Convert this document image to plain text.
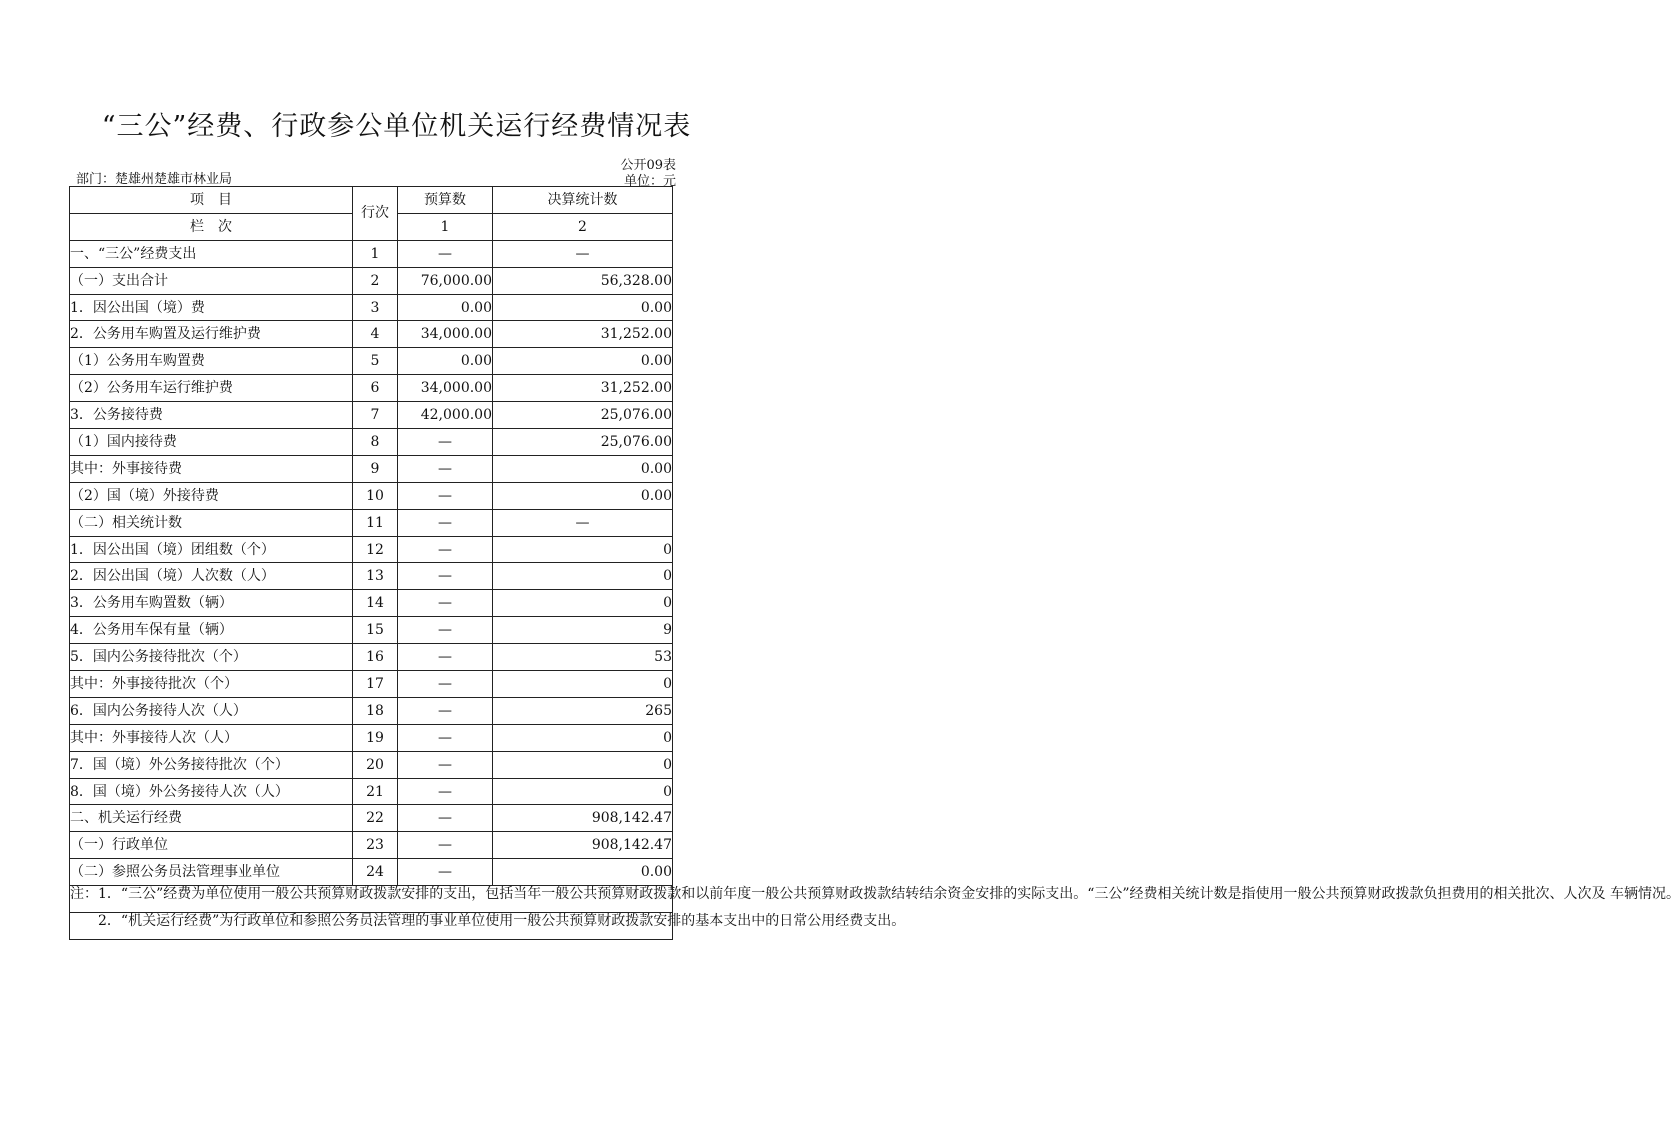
“三公”经费、行政参公单位机关运行经费情况表
公开09表
部门：楚雄州楚雄市林业局	单位：元
项　目	行次	预算数	决算统计数
栏　次		1	2
一、“三公”经费支出	1	—	—
（一）支出合计	2	76,000.00	56,328.00
1．因公出国（境）费	3	0.00	0.00
2．公务用车购置及运行维护费	4	34,000.00	31,252.00
（1）公务用车购置费	5	0.00	0.00
（2）公务用车运行维护费	6	34,000.00	31,252.00
3．公务接待费	7	42,000.00	25,076.00
（1）国内接待费	8	—	25,076.00
其中：外事接待费	9	—	0.00
（2）国（境）外接待费	10	—	0.00
（二）相关统计数	11	—	—
1．因公出国（境）团组数（个）	12	—	0
2．因公出国（境）人次数（人）	13	—	0
3．公务用车购置数（辆）	14	—	0
4．公务用车保有量（辆）	15	—	9
5．国内公务接待批次（个）	16	—	53
其中：外事接待批次（个）	17	—	0
6．国内公务接待人次（人）	18	—	265
其中：外事接待人次（人）	19	—	0
7．国（境）外公务接待批次（个）	20	—	0
8．国（境）外公务接待人次（人）	21	—	0
二、机关运行经费	22	—	908,142.47
（一）行政单位	23	—	908,142.47
（二）参照公务员法管理事业单位	24	—	0.00
注：1．“三公”经费为单位使用一般公共预算财政拨款安排的支出，包括当年一般公共预算财政拨款和以前年度一般公共预算财政拨款结转结余资金安排的实际支出。“三公”经费相关统计数是指使用一般公共预算财政拨款负担费用的相关批次、人次及 车辆情况。			
2．“机关运行经费”为行政单位和参照公务员法管理的事业单位使用一般公共预算财政拨款安排的基本支出中的日常公用经费支出。			
